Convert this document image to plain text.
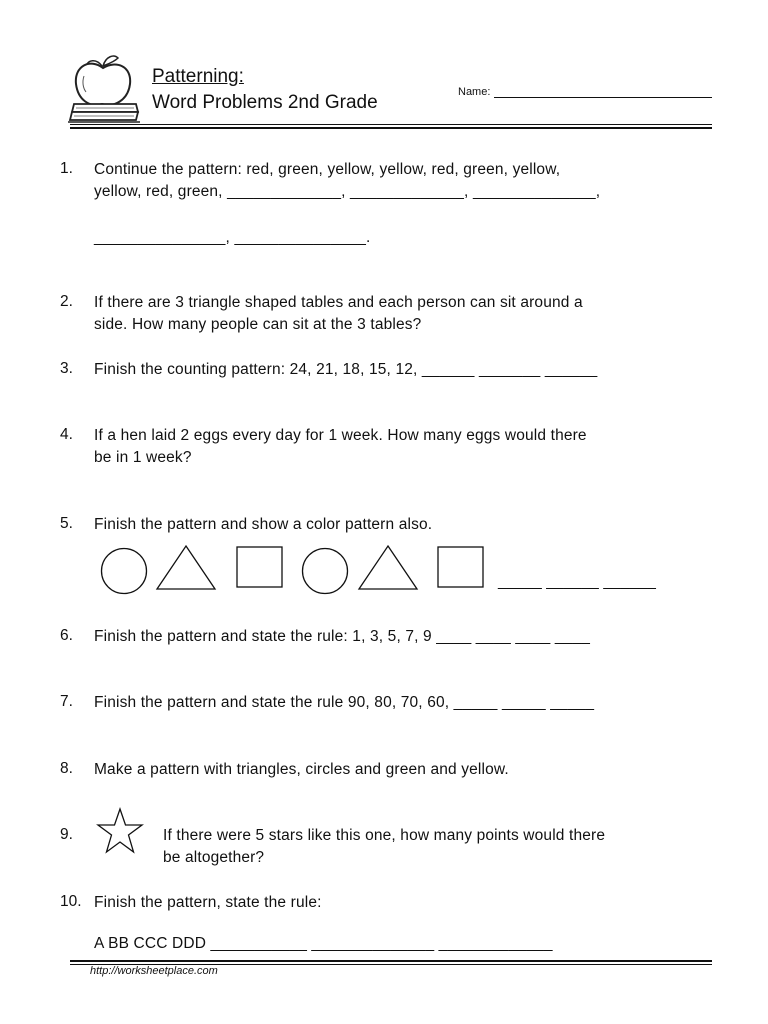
Patterning:
Word Problems 2nd Grade	Name:
1. Continue the pattern: red, green, yellow, yellow, red, green, yellow,
yellow, red, green, _____________, _____________, ______________,
_______________, _______________.
2. If there are 3 triangle shaped tables and each person can sit around a
side. How many people can sit at the 3 tables?
3. Finish the counting pattern: 24, 21, 18, 15, 12, ______ _______ ______
4. If a hen laid 2 eggs every day for 1 week. How many eggs would there
be in 1 week?
5. Finish the pattern and show a color pattern also.
_____ ______ ______
6. Finish the pattern and state the rule: 1, 3, 5, 7, 9 ____ ____ ____ ____
7. Finish the pattern and state the rule 90, 80, 70, 60, _____ _____ _____
8. Make a pattern with triangles, circles and green and yellow.
9.	If there were 5 stars like this one, how many points would there
be altogether?
10. Finish the pattern, state the rule:
A BB CCC DDD ___________ ______________ _____________
http://worksheetplace.com
